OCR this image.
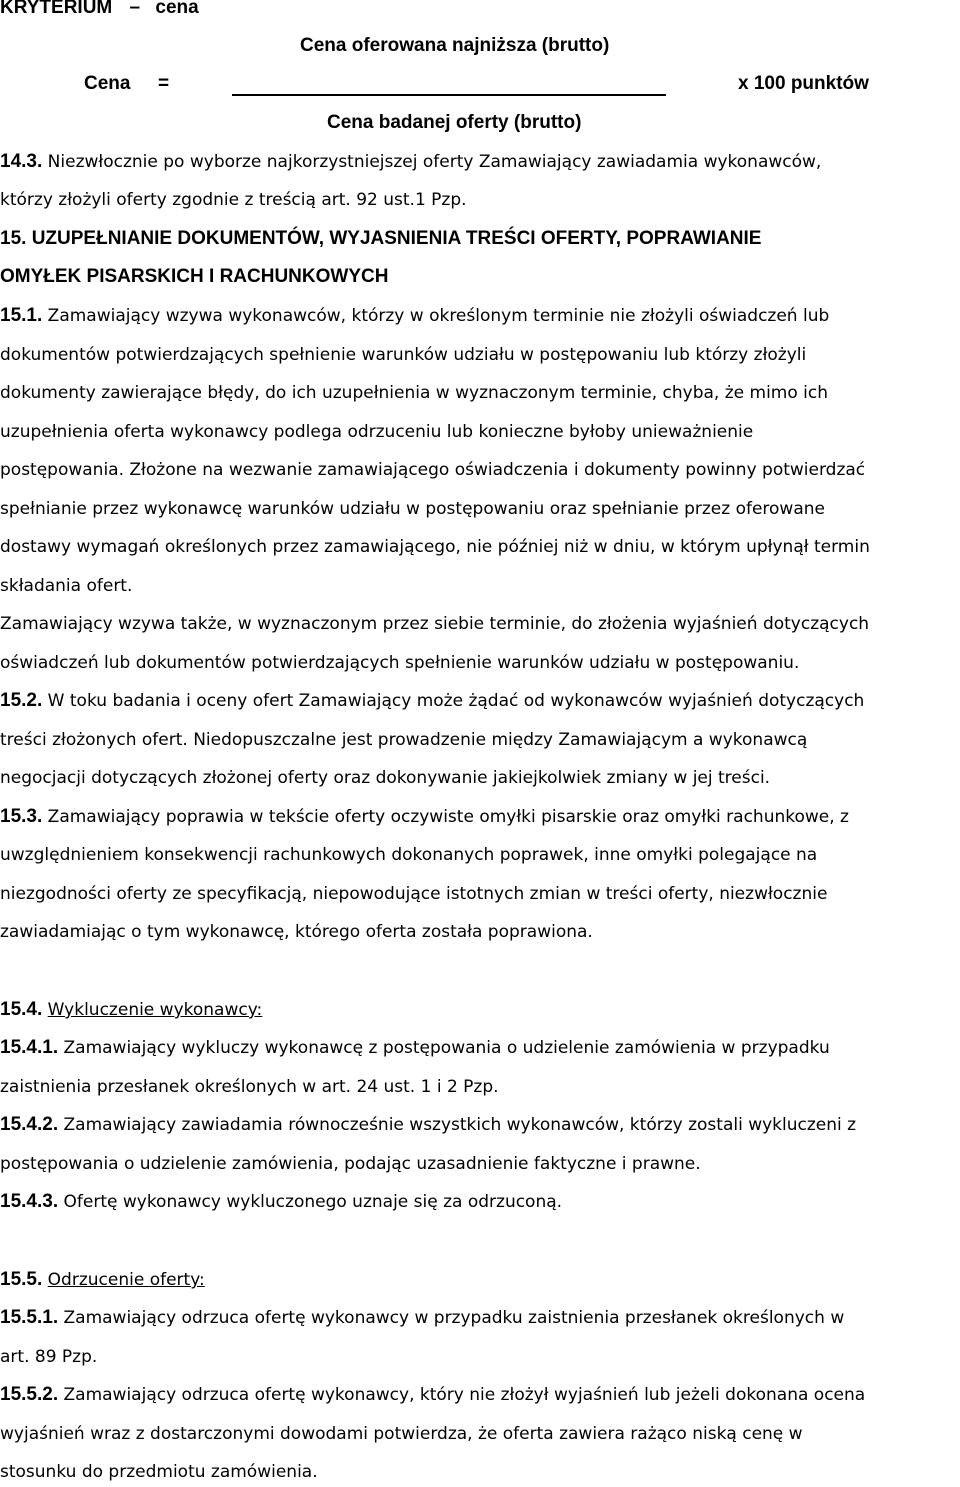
KRYTERIUM – cena
Cena oferowana najniższa (brutto)
Cena =	x 100 punktów
Cena badanej oferty (brutto)
14.3. Niezwłocznie po wyborze najkorzystniejszej oferty Zamawiający zawiadamia wykonawców,
którzy złożyli oferty zgodnie z treścią art. 92 ust.1 Pzp.
15. UZUPEŁNIANIE DOKUMENTÓW, WYJASNIENIA TREŚCI OFERTY, POPRAWIANIE
OMYŁEK PISARSKICH I RACHUNKOWYCH
15.1. Zamawiający wzywa wykonawców, którzy w określonym terminie nie złożyli oświadczeń lub
dokumentów potwierdzających spełnienie warunków udziału w postępowaniu lub którzy złożyli
dokumenty zawierające błędy, do ich uzupełnienia w wyznaczonym terminie, chyba, że mimo ich
uzupełnienia oferta wykonawcy podlega odrzuceniu lub konieczne byłoby unieważnienie
postępowania. Złożone na wezwanie zamawiającego oświadczenia i dokumenty powinny potwierdzać
spełnianie przez wykonawcę warunków udziału w postępowaniu oraz spełnianie przez oferowane
dostawy wymagań określonych przez zamawiającego, nie później niż w dniu, w którym upłynął termin
składania ofert.
Zamawiający wzywa także, w wyznaczonym przez siebie terminie, do złożenia wyjaśnień dotyczących
oświadczeń lub dokumentów potwierdzających spełnienie warunków udziału w postępowaniu.
15.2. W toku badania i oceny ofert Zamawiający może żądać od wykonawców wyjaśnień dotyczących
treści złożonych ofert. Niedopuszczalne jest prowadzenie między Zamawiającym a wykonawcą
negocjacji dotyczących złożonej oferty oraz dokonywanie jakiejkolwiek zmiany w jej treści.
15.3. Zamawiający poprawia w tekście oferty oczywiste omyłki pisarskie oraz omyłki rachunkowe, z
uwzględnieniem konsekwencji rachunkowych dokonanych poprawek, inne omyłki polegające na
niezgodności oferty ze specyfikacją, niepowodujące istotnych zmian w treści oferty, niezwłocznie
zawiadamiając o tym wykonawcę, którego oferta została poprawiona.
15.4. Wykluczenie wykonawcy:
15.4.1. Zamawiający wykluczy wykonawcę z postępowania o udzielenie zamówienia w przypadku
zaistnienia przesłanek określonych w art. 24 ust. 1 i 2 Pzp.
15.4.2. Zamawiający zawiadamia równocześnie wszystkich wykonawców, którzy zostali wykluczeni z
postępowania o udzielenie zamówienia, podając uzasadnienie faktyczne i prawne.
15.4.3. Ofertę wykonawcy wykluczonego uznaje się za odrzuconą.
15.5. Odrzucenie oferty:
15.5.1. Zamawiający odrzuca ofertę wykonawcy w przypadku zaistnienia przesłanek określonych w
art. 89 Pzp.
15.5.2. Zamawiający odrzuca ofertę wykonawcy, który nie złożył wyjaśnień lub jeżeli dokonana ocena
wyjaśnień wraz z dostarczonymi dowodami potwierdza, że oferta zawiera rażąco niską cenę w
stosunku do przedmiotu zamówienia.
